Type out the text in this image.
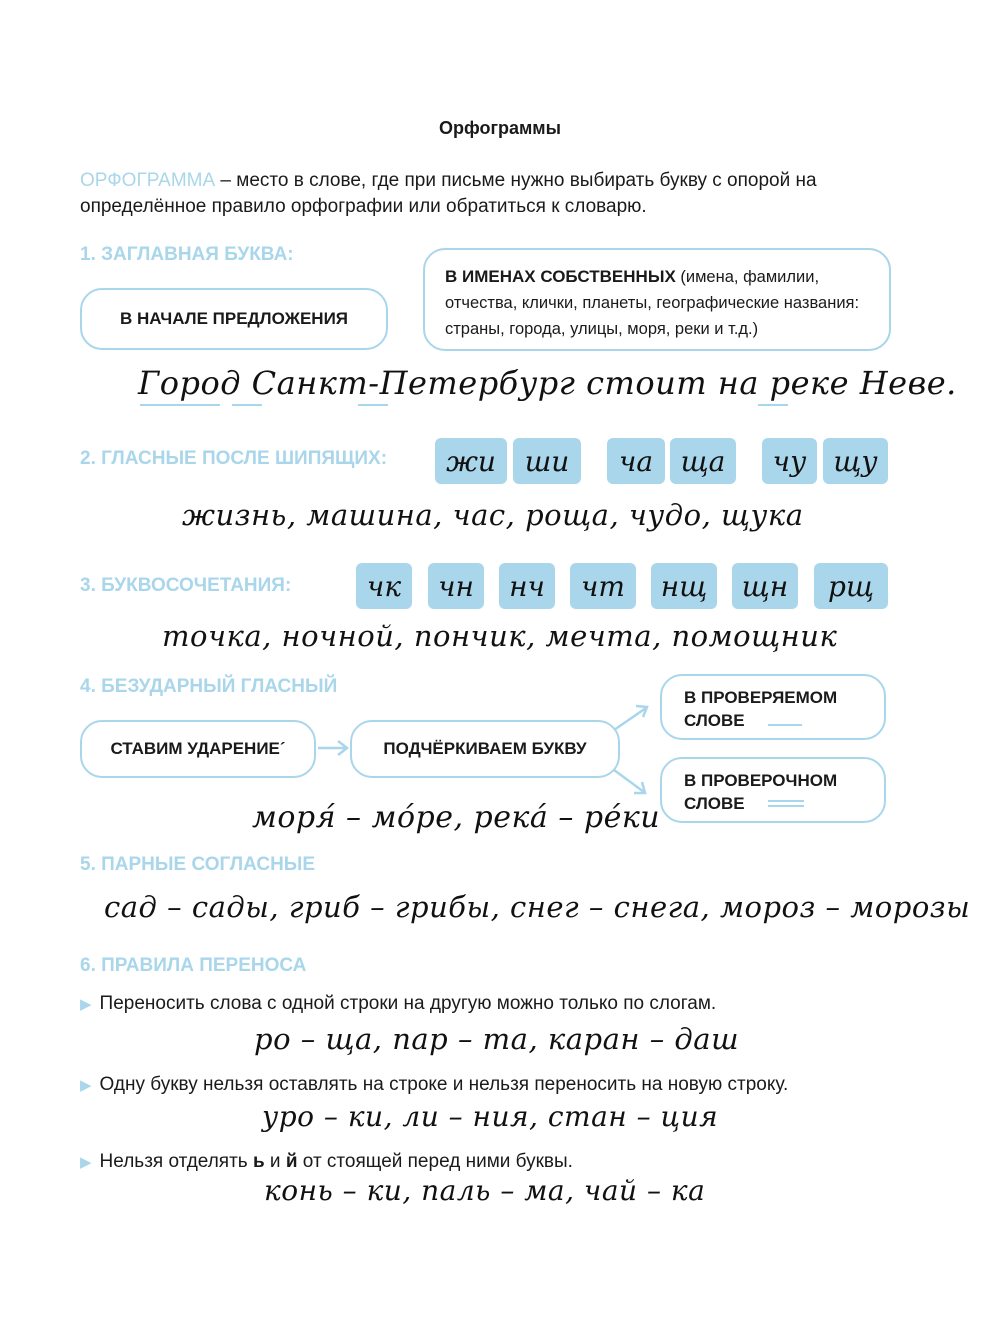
Орфограммы
ОРФОГРАММА – место в слове, где при письме нужно выбирать букву с опорой на определённое правило орфографии или обратиться к словарю.
1. ЗАГЛАВНАЯ БУКВА:
В НАЧАЛЕ ПРЕДЛОЖЕНИЯ
В ИМЕНАХ СОБСТВЕННЫХ (имена, фамилии, отчества, клички, планеты, географические названия: страны, города, улицы, моря, реки и т.д.)
Город Санкт-Петербург стоит на реке Неве.
2. ГЛАСНЫЕ ПОСЛЕ ШИПЯЩИХ:	жи	ши	ча ща	чу щу
жизнь, машина, час, роща, чудо, щука
3. БУКВОСОЧЕТАНИЯ:	чк	чн	нч	чт	нщ	щн	рщ
точка, ночной, пончик, мечта, помощник
4. БЕЗУДАРНЫЙ ГЛАСНЫЙ
СТАВИМ УДАРЕНИЕ´	ПОДЧЁРКИВАЕМ БУКВУ
В ПРОВЕРЯЕМОМ
СЛОВЕ
В ПРОВЕРОЧНОМ
СЛОВЕ
моря́ – мо́ре, река́ – ре́ки
5. ПАРНЫЕ СОГЛАСНЫЕ
сад – сады, гриб – грибы, снег – снега, мороз – морозы
6. ПРАВИЛА ПЕРЕНОСА
▶ Переносить слова с одной строки на другую можно только по слогам.
ро – ща, пар – та, каран – даш
▶ Одну букву нельзя оставлять на строке и нельзя переносить на новую строку.
уро – ки, ли – ния, стан – ция
▶ Нельзя отделять ь и й от стоящей перед ними буквы.
конь – ки, паль – ма, чай – ка
